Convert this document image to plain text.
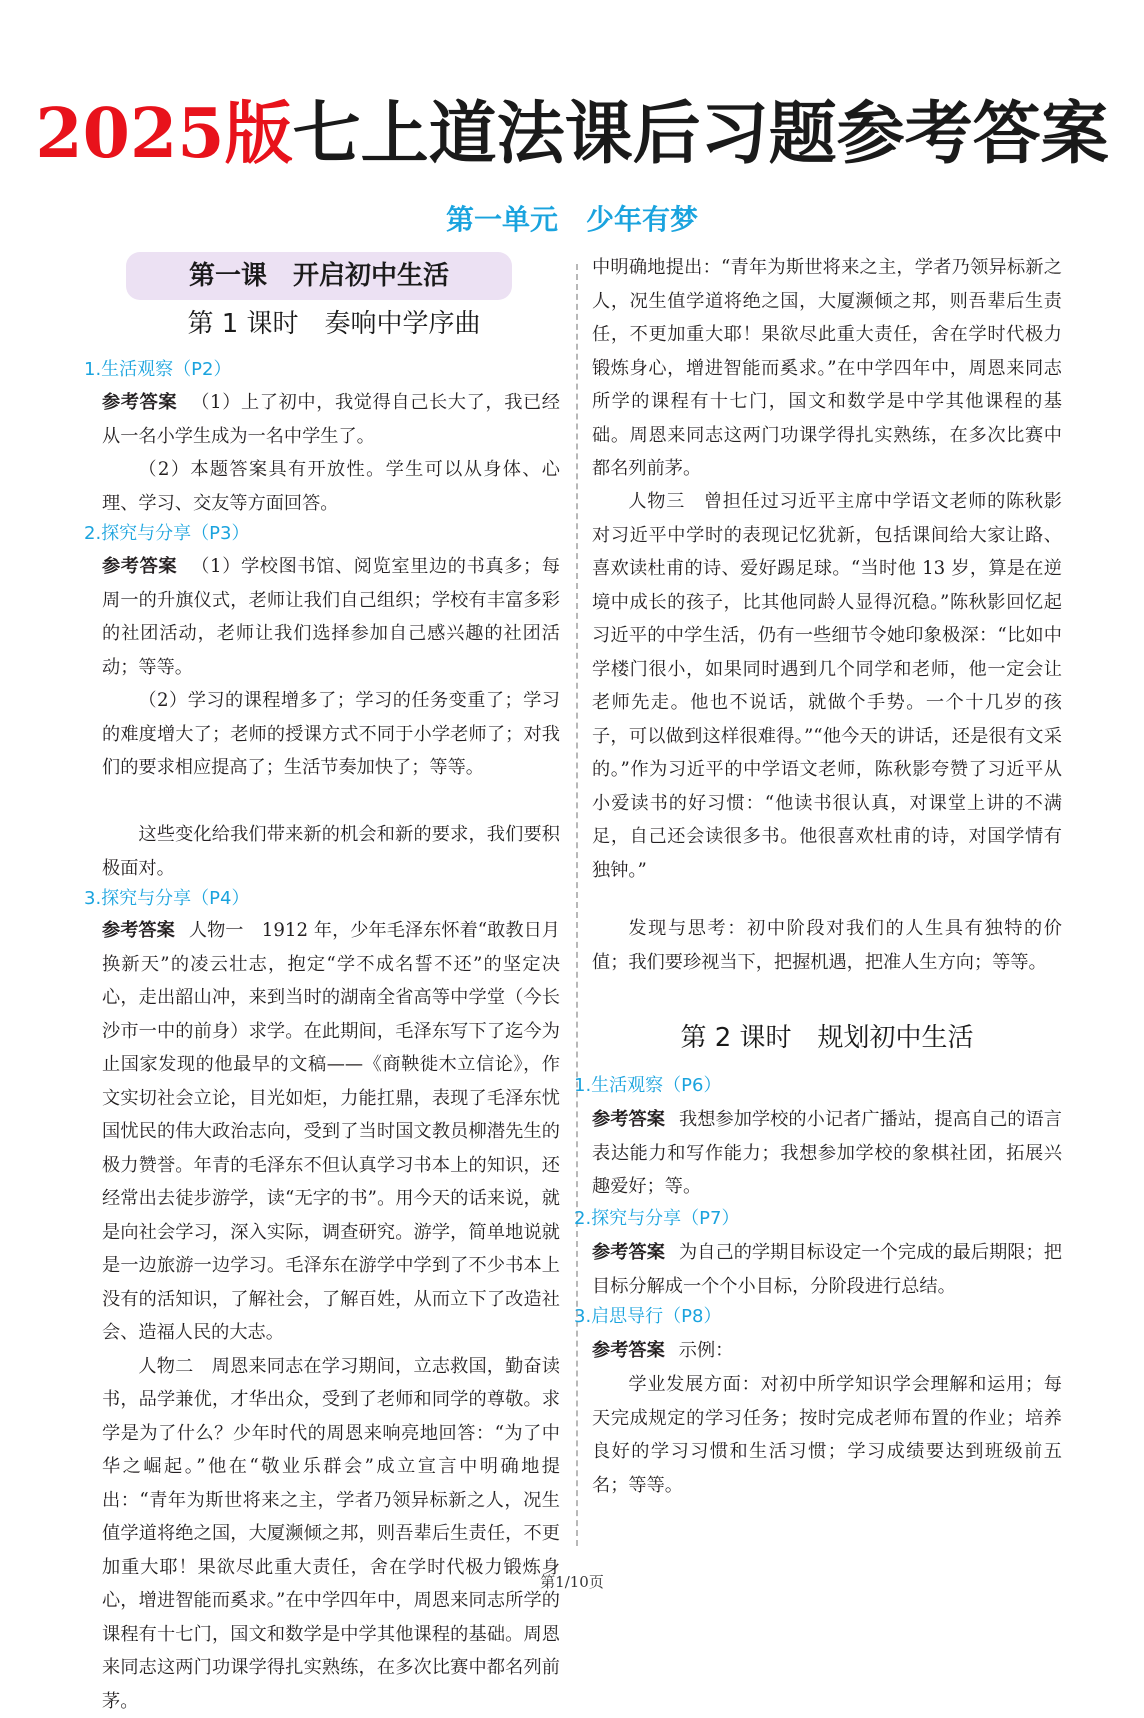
2025版七上道法课后习题参考答案
第一单元　少年有梦
第一课　开启初中生活
第 1 课时　奏响中学序曲
1.生活观察（P2）

参考答案 （1）上了初中，我觉得自己长大了，我已经从一名小学生成为一名中学生了。

（2）本题答案具有开放性。学生可以从身体、心理、学习、交友等方面回答。

2.探究与分享（P3）

参考答案 （1）学校图书馆、阅览室里边的书真多；每周一的升旗仪式，老师让我们自己组织；学校有丰富多彩的社团活动，老师让我们选择参加自己感兴趣的社团活动；等等。

（2）学习的课程增多了；学习的任务变重了；学习的难度增大了；老师的授课方式不同于小学老师了；对我们的要求相应提高了；生活节奏加快了；等等。

这些变化给我们带来新的机会和新的要求，我们要积极面对。

3.探究与分享（P4）

参考答案 人物一　1912 年，少年毛泽东怀着“敢教日月换新天”的凌云壮志，抱定“学不成名誓不还”的坚定决心，走出韶山冲，来到当时的湖南全省高等中学堂（今长沙市一中的前身）求学。在此期间，毛泽东写下了迄今为止国家发现的他最早的文稿——《商鞅徙木立信论》，作文实切社会立论，目光如炬，力能扛鼎，表现了毛泽东忧国忧民的伟大政治志向，受到了当时国文教员柳潜先生的极力赞誉。年青的毛泽东不但认真学习书本上的知识，还经常出去徒步游学，读“无字的书”。用今天的话来说，就是向社会学习，深入实际，调查研究。游学，简单地说就是一边旅游一边学习。毛泽东在游学中学到了不少书本上没有的活知识，了解社会，了解百姓，从而立下了改造社会、造福人民的大志。

人物二　周恩来同志在学习期间，立志救国，勤奋读书，品学兼优，才华出众，受到了老师和同学的尊敬。求学是为了什么？少年时代的周恩来响亮地回答：“为了中华之崛起。”他在“敬业乐群会”成立宣言中明确地提出：“青年为斯世将来之主，学者乃领异标新之人，况生值学道将绝之国，大厦濒倾之邦，则吾辈后生责任，不更加重大耶！果欲尽此重大责任，舍在学时代极力锻炼身心，增进智能而奚求。”在中学四年中，周恩来同志所学的课程有十七门，国文和数学是中学其他课程的基础。周恩来同志这两门功课学得扎实熟练，在多次比赛中都名列前茅。

中明确地提出：“青年为斯世将来之主，学者乃领异标新之人，况生值学道将绝之国，大厦濒倾之邦，则吾辈后生责任，不更加重大耶！果欲尽此重大责任，舍在学时代极力锻炼身心，增进智能而奚求。”在中学四年中，周恩来同志所学的课程有十七门，国文和数学是中学其他课程的基础。周恩来同志这两门功课学得扎实熟练，在多次比赛中都名列前茅。

人物三　曾担任过习近平主席中学语文老师的陈秋影对习近平中学时的表现记忆犹新，包括课间给大家让路、喜欢读杜甫的诗、爱好踢足球。“当时他 13 岁，算是在逆境中成长的孩子，比其他同龄人显得沉稳。”陈秋影回忆起习近平的中学生活，仍有一些细节令她印象极深：“比如中学楼门很小，如果同时遇到几个同学和老师，他一定会让老师先走。他也不说话，就做个手势。一个十几岁的孩子，可以做到这样很难得。”“他今天的讲话，还是很有文采的。”作为习近平的中学语文老师，陈秋影夸赞了习近平从小爱读书的好习惯：“他读书很认真，对课堂上讲的不满足，自己还会读很多书。他很喜欢杜甫的诗，对国学情有独钟。”

发现与思考：初中阶段对我们的人生具有独特的价值；我们要珍视当下，把握机遇，把准人生方向；等等。

第 2 课时　规划初中生活
1.生活观察（P6）

参考答案 我想参加学校的小记者广播站，提高自己的语言表达能力和写作能力；我想参加学校的象棋社团，拓展兴趣爱好；等。

2.探究与分享（P7）

参考答案 为自己的学期目标设定一个完成的最后期限；把目标分解成一个个小目标，分阶段进行总结。

3.启思导行（P8）

参考答案 示例：

学业发展方面：对初中所学知识学会理解和运用；每天完成规定的学习任务；按时完成老师布置的作业；培养良好的学习习惯和生活习惯；学习成绩要达到班级前五名；等等。

第1/10页
